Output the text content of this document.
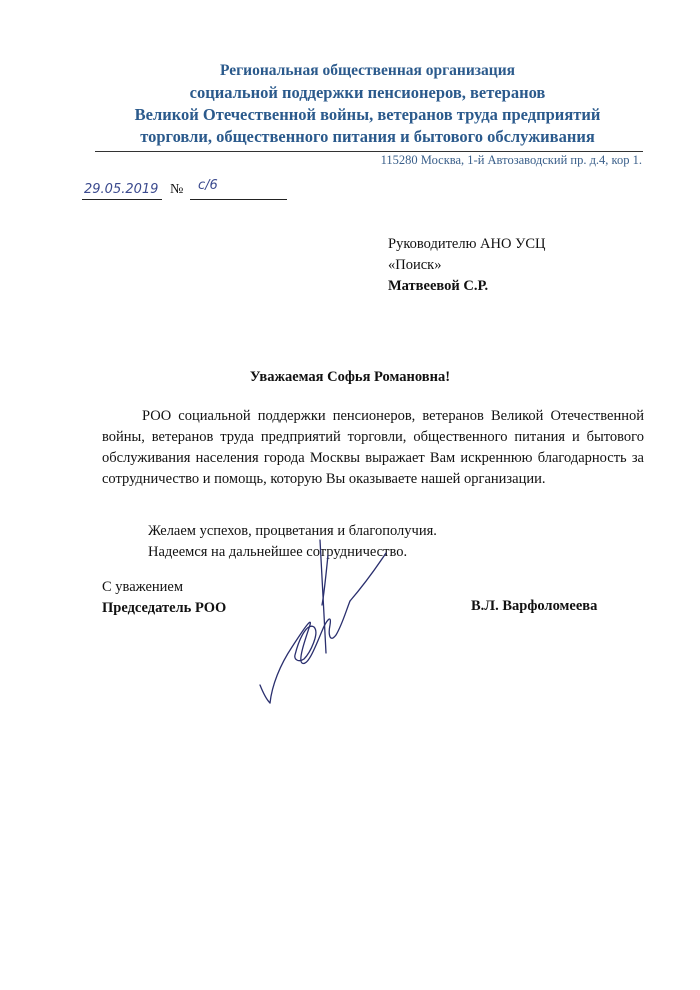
Региональная общественная организация
социальной поддержки пенсионеров, ветеранов
Великой Отечественной войны, ветеранов труда предприятий
торговли, общественного питания и бытового обслуживания
115280 Москва, 1-й Автозаводский пр. д.4, кор 1.
29.05.2019 № с/6
Руководителю АНО УСЦ
«Поиск»
Матвеевой С.Р.
Уважаемая Софья Романовна!
РОО социальной поддержки пенсионеров, ветеранов Великой Отечественной войны, ветеранов труда предприятий торговли, общественного питания и бытового обслуживания населения города Москвы выражает Вам искреннюю благодарность за сотрудничество и помощь, которую Вы оказываете нашей организации.
Желаем успехов, процветания и благополучия.
Надеемся на дальнейшее сотрудничество.
С уважением
Председатель РОО	В.Л. Варфоломеева
